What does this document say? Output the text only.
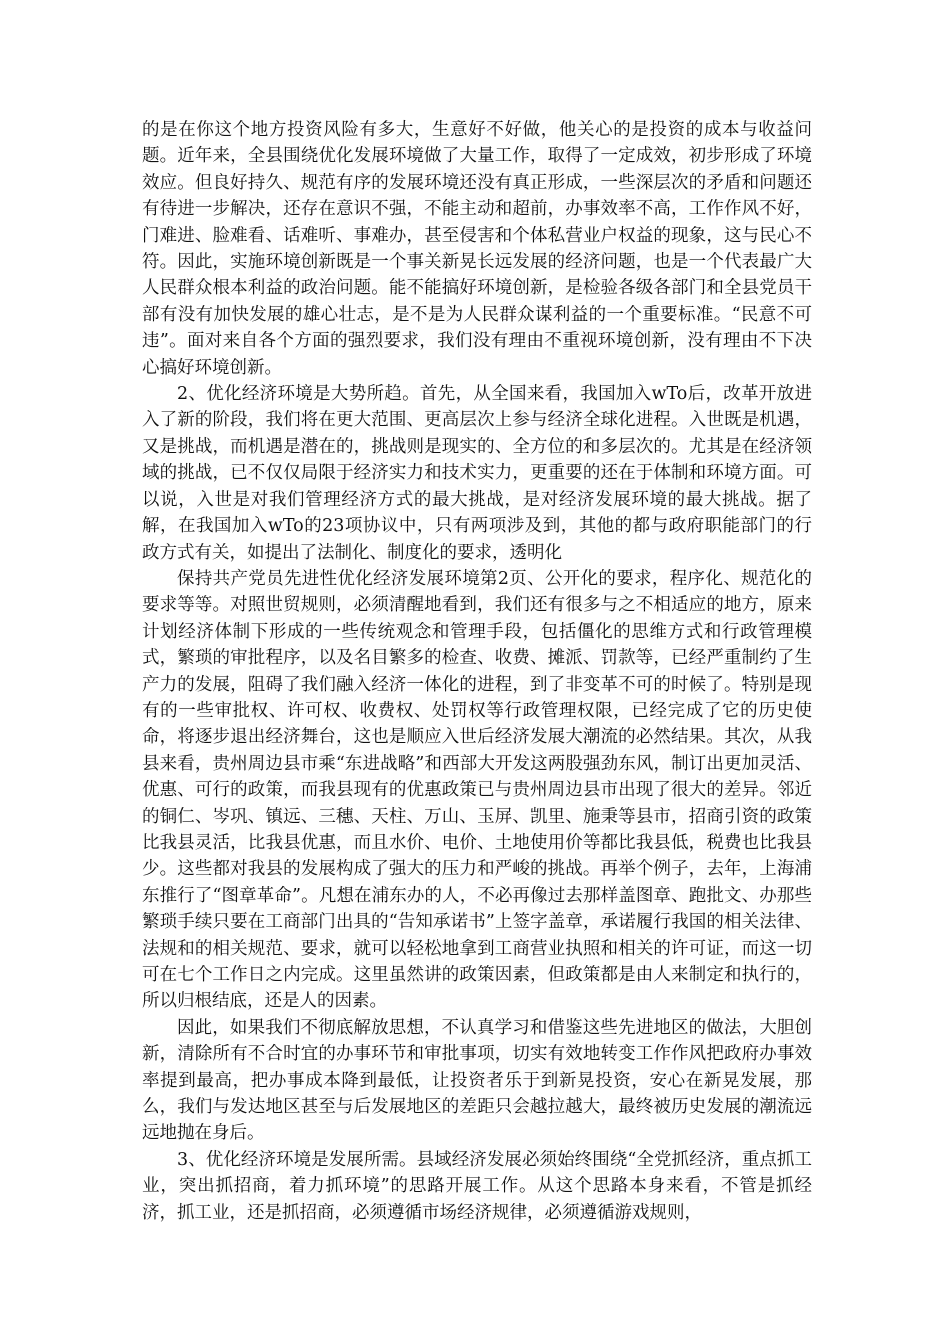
的是在你这个地方投资风险有多大，生意好不好做，他关心的是投资的成本与收益问题。近年来，全县围绕优化发展环境做了大量工作，取得了一定成效，初步形成了环境效应。但良好持久、规范有序的发展环境还没有真正形成，一些深层次的矛盾和问题还有待进一步解决，还存在意识不强，不能主动和超前，办事效率不高，工作作风不好，门难进、脸难看、话难听、事难办，甚至侵害和个体私营业户权益的现象，这与民心不符。因此，实施环境创新既是一个事关新晃长远发展的经济问题，也是一个代表最广大人民群众根本利益的政治问题。能不能搞好环境创新，是检验各级各部门和全县党员干部有没有加快发展的雄心壮志，是不是为人民群众谋利益的一个重要标准。“民意不可违”。面对来自各个方面的强烈要求，我们没有理由不重视环境创新，没有理由不下决心搞好环境创新。

2、优化经济环境是大势所趋。首先，从全国来看，我国加入wTo后，改革开放进入了新的阶段，我们将在更大范围、更高层次上参与经济全球化进程。入世既是机遇，又是挑战，而机遇是潜在的，挑战则是现实的、全方位的和多层次的。尤其是在经济领域的挑战，已不仅仅局限于经济实力和技术实力，更重要的还在于体制和环境方面。可以说，入世是对我们管理经济方式的最大挑战，是对经济发展环境的最大挑战。据了解，在我国加入wTo的23项协议中，只有两项涉及到，其他的都与政府职能部门的行政方式有关，如提出了法制化、制度化的要求，透明化

保持共产党员先进性优化经济发展环境第2页、公开化的要求，程序化、规范化的要求等等。对照世贸规则，必须清醒地看到，我们还有很多与之不相适应的地方，原来计划经济体制下形成的一些传统观念和管理手段，包括僵化的思维方式和行政管理模式，繁琐的审批程序，以及名目繁多的检查、收费、摊派、罚款等，已经严重制约了生产力的发展，阻碍了我们融入经济一体化的进程，到了非变革不可的时候了。特别是现有的一些审批权、许可权、收费权、处罚权等行政管理权限，已经完成了它的历史使命，将逐步退出经济舞台，这也是顺应入世后经济发展大潮流的必然结果。其次，从我县来看，贵州周边县市乘“东进战略”和西部大开发这两股强劲东风，制订出更加灵活、优惠、可行的政策，而我县现有的优惠政策已与贵州周边县市出现了很大的差异。邻近的铜仁、岑巩、镇远、三穗、天柱、万山、玉屏、凯里、施秉等县市，招商引资的政策比我县灵活，比我县优惠，而且水价、电价、土地使用价等都比我县低，税费也比我县少。这些都对我县的发展构成了强大的压力和严峻的挑战。再举个例子，去年，上海浦东推行了“图章革命”。凡想在浦东办的人，不必再像过去那样盖图章、跑批文、办那些繁琐手续只要在工商部门出具的“告知承诺书”上签字盖章，承诺履行我国的相关法律、法规和的相关规范、要求，就可以轻松地拿到工商营业执照和相关的许可证，而这一切可在七个工作日之内完成。这里虽然讲的政策因素，但政策都是由人来制定和执行的，所以归根结底，还是人的因素。

因此，如果我们不彻底解放思想，不认真学习和借鉴这些先进地区的做法，大胆创新，清除所有不合时宜的办事环节和审批事项，切实有效地转变工作作风把政府办事效率提到最高，把办事成本降到最低，让投资者乐于到新晃投资，安心在新晃发展，那么，我们与发达地区甚至与后发展地区的差距只会越拉越大，最终被历史发展的潮流远远地抛在身后。

3、优化经济环境是发展所需。县域经济发展必须始终围绕“全党抓经济，重点抓工业，突出抓招商，着力抓环境”的思路开展工作。从这个思路本身来看，不管是抓经济，抓工业，还是抓招商，必须遵循市场经济规律，必须遵循游戏规则，
